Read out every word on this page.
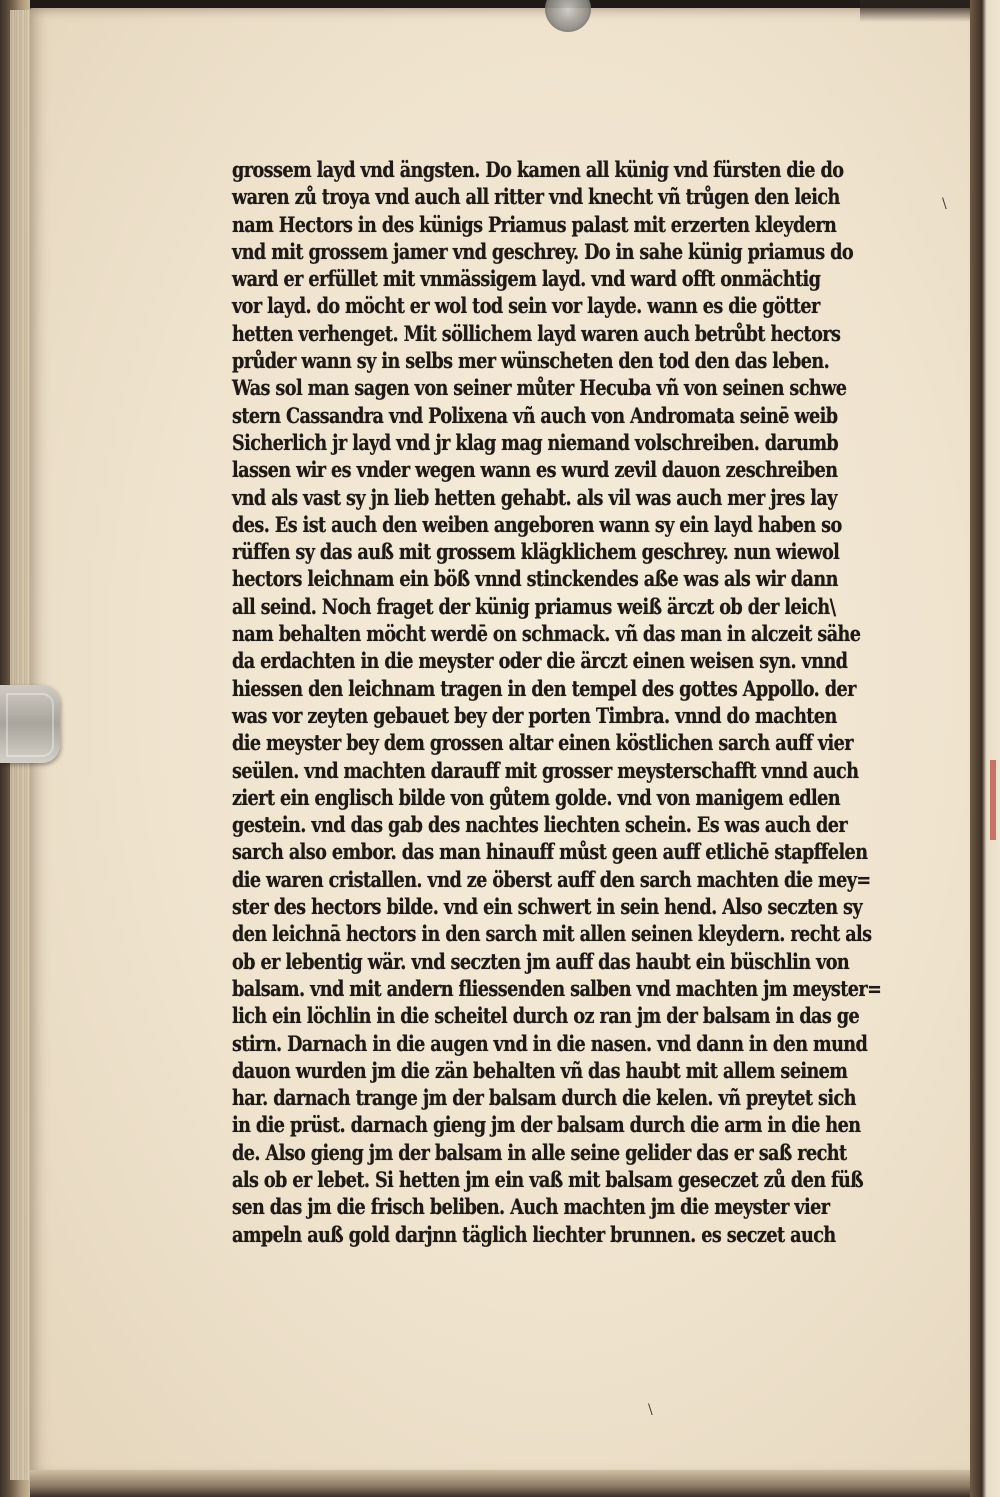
grossem layd vnd ängsten. Do kamen all künig vnd fürsten die do
waren zů troya vnd auch all ritter vnd knecht vñ trůgen den leich
nam Hectors in des künigs Priamus palast mit erzerten kleydern
vnd mit grossem jamer vnd geschrey. Do in sahe künig priamus do
ward er erfüllet mit vnmässigem layd. vnd ward offt onmächtig
vor layd. do möcht er wol tod sein vor layde. wann es die götter
hetten verhenget. Mit söllichem layd waren auch betrůbt hectors
průder wann sy in selbs mer wünscheten den tod den das leben.
Was sol man sagen von seiner můter Hecuba vñ von seinen schwe
stern Cassandra vnd Polixena vñ auch von Andromata seinē weib
Sicherlich jr layd vnd jr klag mag niemand volschreiben. darumb
lassen wir es vnder wegen wann es wurd zevil dauon zeschreiben
vnd als vast sy jn lieb hetten gehabt. als vil was auch mer jres lay
des. Es ist auch den weiben angeboren wann sy ein layd haben so
rüffen sy das auß mit grossem klägklichem geschrey. nun wiewol
hectors leichnam ein böß vnnd stinckendes aße was als wir dann
all seind. Noch fraget der künig priamus weiß ärczt ob der leich\
nam behalten möcht werdē on schmack. vñ das man in alczeit sähe
da erdachten in die meyster oder die ärczt einen weisen syn. vnnd
hiessen den leichnam tragen in den tempel des gottes Appollo. der
was vor zeyten gebauet bey der porten Timbra. vnnd do machten
die meyster bey dem grossen altar einen köstlichen sarch auff vier
seülen. vnd machten darauff mit grosser meysterschafft vnnd auch
ziert ein englisch bilde von gůtem golde. vnd von manigem edlen
gestein. vnd das gab des nachtes liechten schein. Es was auch der
sarch also embor. das man hinauff můst geen auff etlichē stapffelen
die waren cristallen. vnd ze öberst auff den sarch machten die mey=
ster des hectors bilde. vnd ein schwert in sein hend. Also seczten sy
den leichnā hectors in den sarch mit allen seinen kleydern. recht als
ob er lebentig wär. vnd seczten jm auff das haubt ein büschlin von
balsam. vnd mit andern fliessenden salben vnd machten jm meyster=
lich ein löchlin in die scheitel durch oz ran jm der balsam in das ge
stirn. Darnach in die augen vnd in die nasen. vnd dann in den mund
dauon wurden jm die zän behalten vñ das haubt mit allem seinem
har. darnach trange jm der balsam durch die kelen. vñ preytet sich
in die prüst. darnach gieng jm der balsam durch die arm in die hen
de. Also gieng jm der balsam in alle seine gelider das er saß recht
als ob er lebet. Si hetten jm ein vaß mit balsam geseczet zů den füß
sen das jm die frisch beliben. Auch machten jm die meyster vier
ampeln auß gold darjnn täglich liechter brunnen. es seczet auch
\
\
